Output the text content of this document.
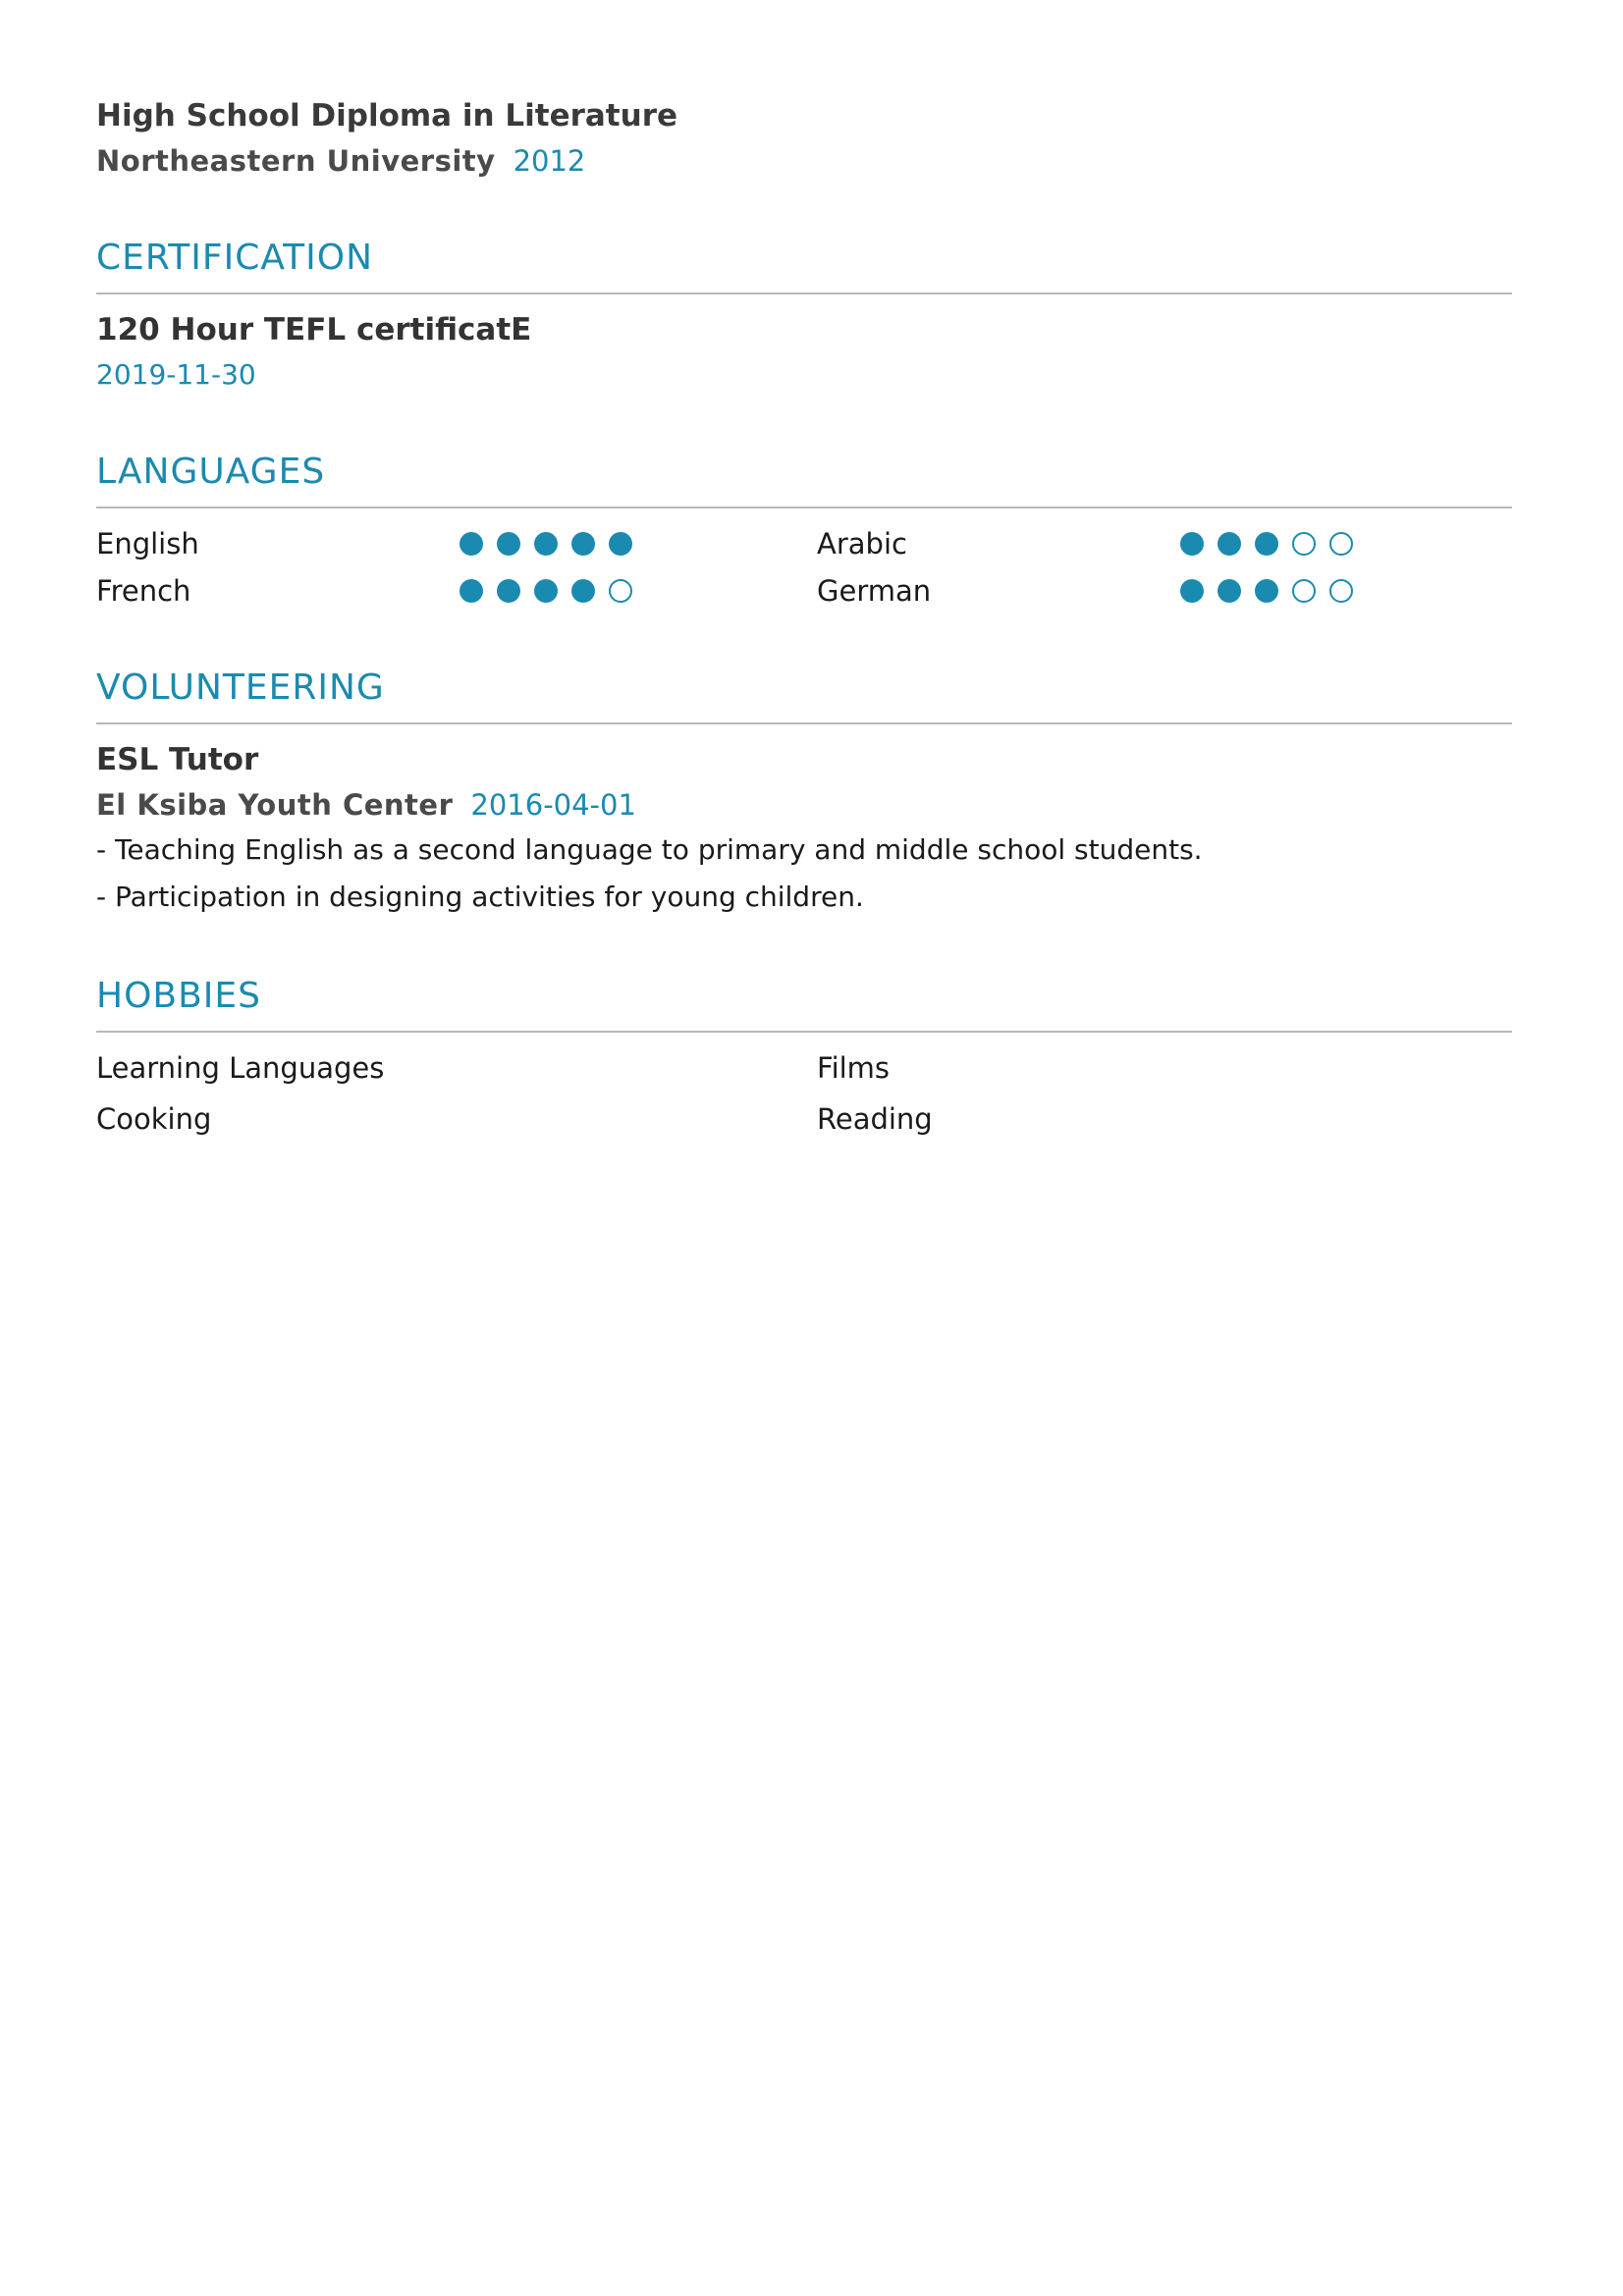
High School Diploma in Literature
Northeastern University 2012
CERTIFICATION
120 Hour TEFL certificatE
2019-11-30
LANGUAGES
English	Arabic
French	German
VOLUNTEERING
ESL Tutor
El Ksiba Youth Center 2016-04-01
- Teaching English as a second language to primary and middle school students.
- Participation in designing activities for young children.
HOBBIES
Learning Languages	Films
Cooking	Reading
